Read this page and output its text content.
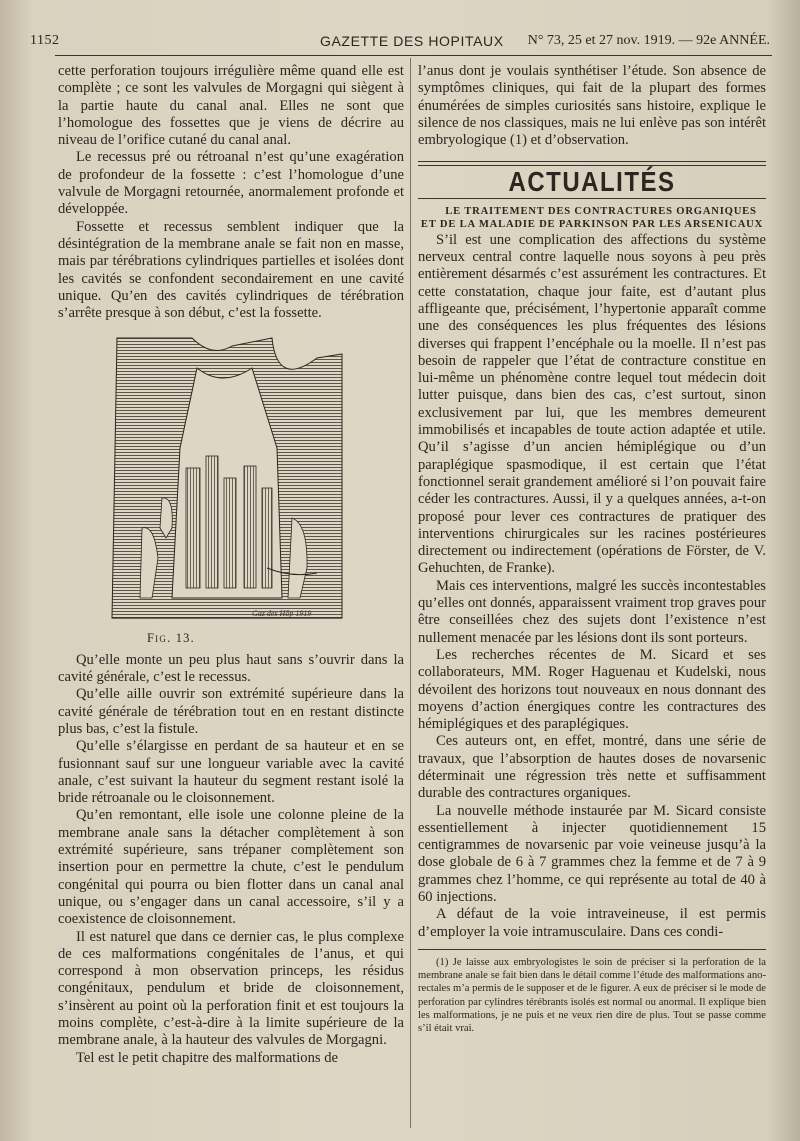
1152	GAZETTE DES HOPITAUX N° 73, 25 et 27 nov. 1919. — 92e ANNÉE.

cette perforation toujours irrégulière même quand elle est complète ; ce sont les valvules de Morgagni qui siègent à la partie haute du canal anal. Elles ne sont que l’homologue des fossettes que je viens de décrire au niveau de l’orifice cutané du canal anal.

Le recessus pré ou rétroanal n’est qu’une exagération de profondeur de la fossette : c’est l’homologue d’une valvule de Morgagni retournée, anormalement profonde et développée.

Fossette et recessus semblent indiquer que la désintégration de la membrane anale se fait non en masse, mais par térébrations cylindriques partielles et isolées dont les cavités se confondent secondairement en une cavité unique. Qu’en des cavités cylindriques de térébration s’arrête presque à son début, c’est la fossette.

Gaz des Hôp 1919
Fig. 13.

Qu’elle monte un peu plus haut sans s’ouvrir dans la cavité générale, c’est le recessus.

Qu’elle aille ouvrir son extrémité supérieure dans la cavité générale de térébration tout en en restant distincte plus bas, c’est la fistule.

Qu’elle s’élargisse en perdant de sa hauteur et en se fusionnant sauf sur une longueur variable avec la cavité anale, c’est suivant la hauteur du segment restant isolé la bride rétroanale ou le cloisonnement.

Qu’en remontant, elle isole une colonne pleine de la membrane anale sans la détacher complètement à son extrémité supérieure, sans trépaner complètement son insertion pour en permettre la chute, c’est le pendulum congénital qui pourra ou bien flotter dans un canal anal unique, ou s’engager dans un canal accessoire, s’il y a coexistence de cloisonnement.

Il est naturel que dans ce dernier cas, le plus complexe de ces malformations congénitales de l’anus, et qui correspond à mon observation princeps, les résidus congénitaux, pendulum et bride de cloisonnement, s’insèrent au point où la perforation finit et est toujours la moins complète, c’est-à-dire à la limite supérieure de la membrane anale, à la hauteur des valvules de Morgagni.

Tel est le petit chapitre des malformations de

l’anus dont je voulais synthétiser l’étude. Son absence de symptômes cliniques, qui fait de la plupart des formes énumérées de simples curiosités sans histoire, explique le silence de nos classiques, mais ne lui enlève pas son intérêt embryologique (1) et d’observation.

ACTUALITÉS

LE TRAITEMENT DES CONTRACTURES ORGANIQUES ET DE LA MALADIE DE PARKINSON PAR LES ARSENICAUX

S’il est une complication des affections du système nerveux central contre laquelle nous soyons à peu près entièrement désarmés c’est assurément les contractures. Et cette constatation, chaque jour faite, est d’autant plus affligeante que, précisément, l’hypertonie apparaît comme une des conséquences les plus fréquentes des lésions diverses qui frappent l’encéphale ou la moelle. Il n’est pas besoin de rappeler que l’état de contracture constitue en lui-même un phénomène contre lequel tout médecin doit lutter puisque, dans bien des cas, c’est surtout, sinon exclusivement par lui, que les membres demeurent immobilisés et incapables de toute action adaptée et utile. Qu’il s’agisse d’un ancien hémiplégique ou d’un paraplégique spasmodique, il est certain que l’état fonctionnel serait grandement amélioré si l’on pouvait faire céder les contractures. Aussi, il y a quelques années, a-t-on proposé pour lever ces contractures de pratiquer des interventions chirurgicales sur les racines postérieures directement ou indirectement (opérations de Förster, de V. Gehuchten, de Franke).

Mais ces interventions, malgré les succès incontestables qu’elles ont donnés, apparaissent vraiment trop graves pour être conseillées chez des sujets dont l’existence n’est nullement menacée par les lésions dont ils sont porteurs.

Les recherches récentes de M. Sicard et ses collaborateurs, MM. Roger Haguenau et Kudelski, nous dévoilent des horizons tout nouveaux en nous donnant des moyens d’action énergiques contre les contractures des hémiplégiques et des paraplégiques.

Ces auteurs ont, en effet, montré, dans une série de travaux, que l’absorption de hautes doses de novarsenic déterminait une régression très nette et suffisamment durable des contractures organiques.

La nouvelle méthode instaurée par M. Sicard consiste essentiellement à injecter quotidiennement 15 centigrammes de novarsenic par voie veineuse jusqu’à la dose globale de 6 à 7 grammes chez la femme et de 7 à 9 grammes chez l’homme, ce qui représente au total de 40 à 60 injections.

A défaut de la voie intraveineuse, il est permis d’employer la voie intramusculaire. Dans ces condi-

(1) Je laisse aux embryologistes le soin de préciser si la perforation de la membrane anale se fait bien dans le détail comme l’étude des malformations ano-rectales m’a permis de le supposer et de le figurer. A eux de préciser si le mode de perforation par cylindres térébrants isolés est normal ou anormal. Il explique bien les malformations, je ne puis et ne veux rien dire de plus. Tout se passe comme s’il était vrai.
